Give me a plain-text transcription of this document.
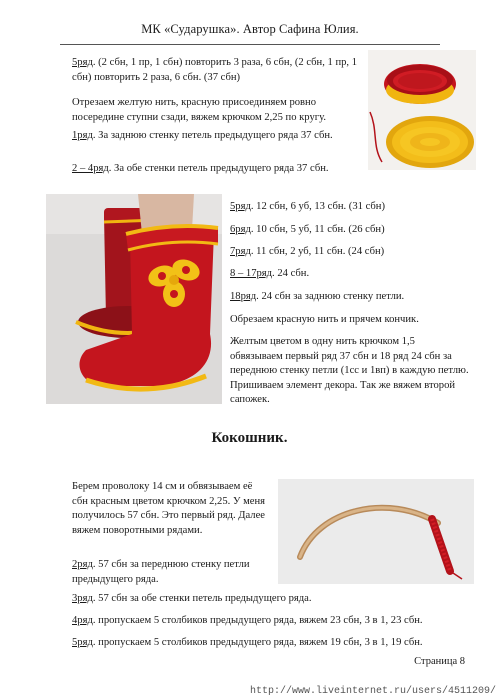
МК «Сударушка». Автор Сафина Юлия.

5ряд. (2 сбн, 1 пр, 1 сбн) повторить 3 раза, 6 сбн, (2 сбн, 1 пр, 1 сбн) повторить 2 раза, 6 сбн. (37 сбн)

Отрезаем желтую нить, красную присоединяем ровно посередине ступни сзади, вяжем крючком 2,25 по кругу.

1ряд. За заднюю стенку петель предыдущего ряда 37 сбн.

2 – 4ряд. За обе стенки петель предыдущего ряда 37 сбн.

5ряд. 12 сбн, 6 уб, 13 сбн. (31 сбн)

6ряд. 10 сбн, 5 уб, 11 сбн. (26 сбн)

7ряд. 11 сбн, 2 уб, 11 сбн. (24 сбн)

8 – 17ряд. 24 сбн.

18ряд. 24 сбн за заднюю стенку петли.

Обрезаем красную нить и прячем кончик.

Желтым цветом в одну нить крючком 1,5 обвязываем первый ряд 37 сбн и 18 ряд 24 сбн за переднюю стенку петли (1сс и 1вп) в каждую петлю. Пришиваем элемент декора. Так же вяжем второй сапожек.

Кокошник.

Берем проволоку 14 см и обвязываем её сбн красным цветом крючком 2,25. У меня получилось 57 сбн. Это первый ряд. Далее вяжем поворотными рядами.

2ряд. 57 сбн за переднюю стенку петли предыдущего ряда.

3ряд. 57 сбн за обе стенки петель предыдущего ряда.

4ряд. пропускаем 5 столбиков предыдущего ряда, вяжем 23 сбн, 3 в 1, 23 сбн.

5ряд. пропускаем 5 столбиков предыдущего ряда, вяжем 19 сбн, 3 в 1, 19 сбн.

Страница 8
http://www.liveinternet.ru/users/4511209/
